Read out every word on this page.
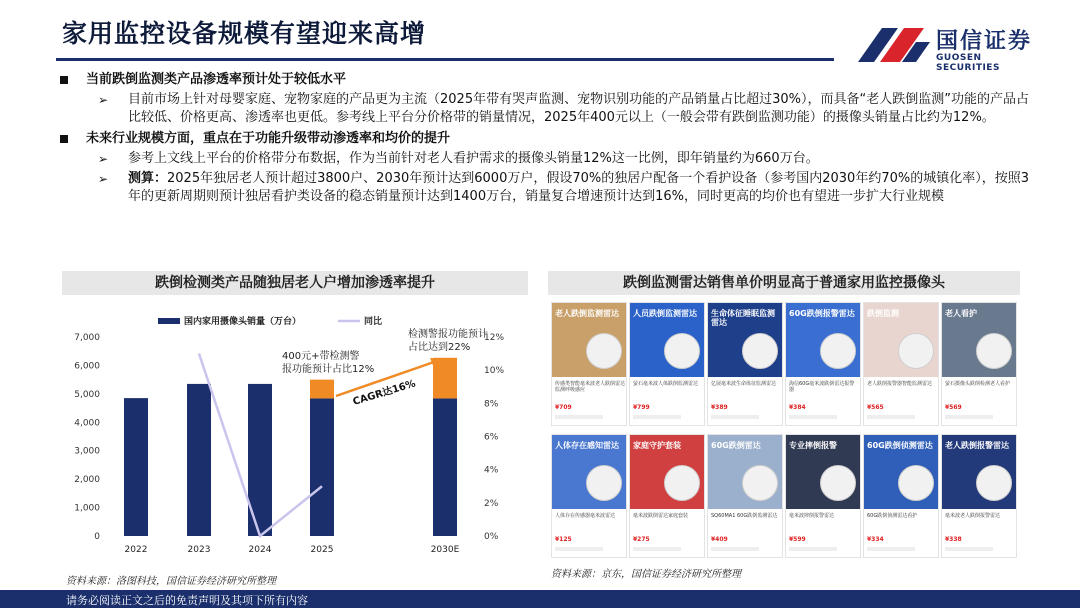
家用监控设备规模有望迎来高增	国信证券
GUOSEN SECURITIES
当前跌倒监测类产品渗透率预计处于较低水平
➢ 目前市场上针对母婴家庭、宠物家庭的产品更为主流（2025年带有哭声监测、宠物识别功能的产品销量占比超过30%），而具备“老人跌倒监测”功能的产品占比较低、价格更高、渗透率也更低。参考线上平台分价格带的销量情况，2025年400元以上（一般会带有跌倒监测功能）的摄像头销量占比约为12%。
未来行业规模方面，重点在于功能升级带动渗透率和均价的提升
➢ 参考上文线上平台的价格带分布数据，作为当前针对老人看护需求的摄像头销量12%这一比例，即年销量约为660万台。
➢ 测算：2025年独居老人预计超过3800户、2030年预计达到6000万户，假设70%的独居户配备一个看护设备（参考国内2030年约70%的城镇化率），按照3年的更新周期则预计独居看护类设备的稳态销量预计达到1400万台，销量复合增速预计达到16%，同时更高的均价也有望进一步扩大行业规模
跌倒检测类产品随独居老人户增加渗透率提升	跌倒监测雷达销售单价明显高于普通家用监控摄像头
0
1,000
2,000
3,000
4,000
5,000
6,000
7,000
0%
2%
4%
6%
8%
10%
12%
2022	2023	2024	2025	2030E
国内家用摄像头销量（万台）	同比
400元+带检测警
报功能预计占比12%
检测警报功能预计
占比达到22%
CAGR达16%
老人跌倒监测雷达
传感类智能毫米波老人跌倒雷达监测呼吸感应
¥709
人员跌倒监测雷达
萤石毫米波人体跌倒监测雷达
¥799
生命体征睡眠监测雷达
亿展毫米波生命体征监测雷达
¥389
60G跌倒报警雷达
海信60G毫米波跌倒雷达报警器
¥384
跌倒监测
老人跌倒报警器智能监测雷达
¥565
老人看护
萤石摄像头跌倒检测老人看护
¥569
人体存在感知雷达
人体存在传感器毫米波雷达
¥125
家庭守护套装
毫米波跌倒雷达家庭套装
¥275
60G跌倒雷达
SQ60MA1 60G跌倒监测雷达
¥409
专业摔倒报警
毫米波摔倒报警雷达
¥599
60G跌倒侦测雷达
60G跌倒侦测雷达看护
¥334
老人跌倒报警雷达
毫米波老人跌倒报警雷达
¥338
资料来源：洛图科技，国信证券经济研究所整理
资料来源：京东，国信证券经济研究所整理
请务必阅读正文之后的免责声明及其项下所有内容
